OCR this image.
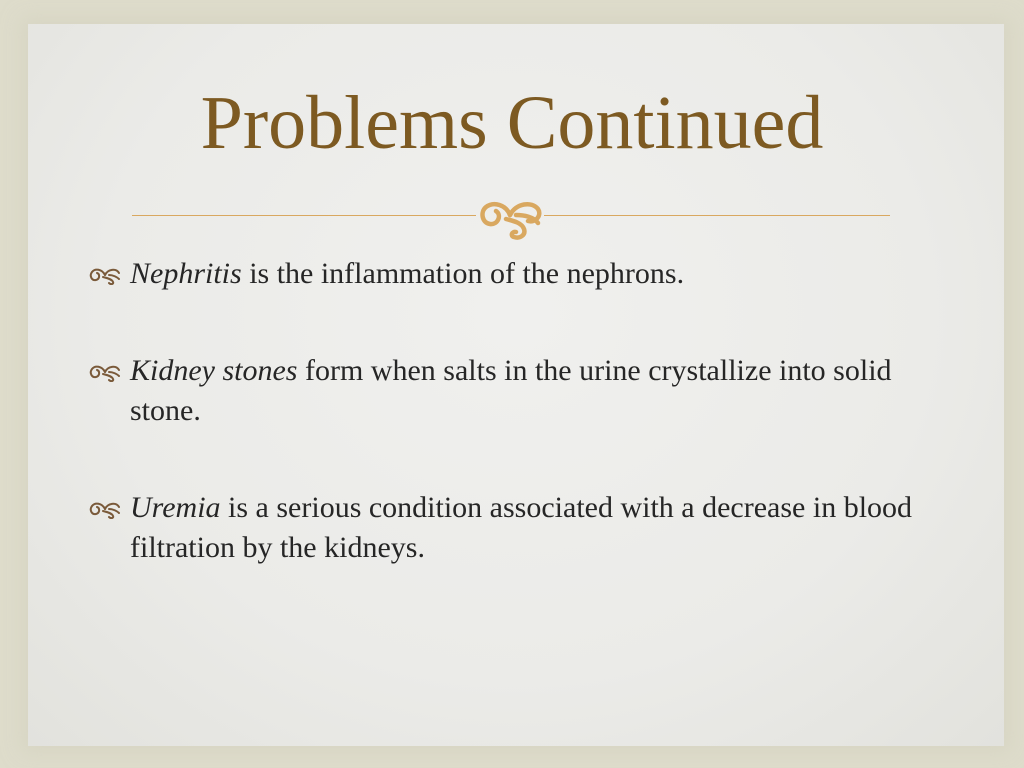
Problems Continued
Nephritis is the inflammation of the nephrons.
Kidney stones form when salts in the urine crystallize into solid stone.
Uremia is a serious condition associated with a decrease in blood filtration by the kidneys.
